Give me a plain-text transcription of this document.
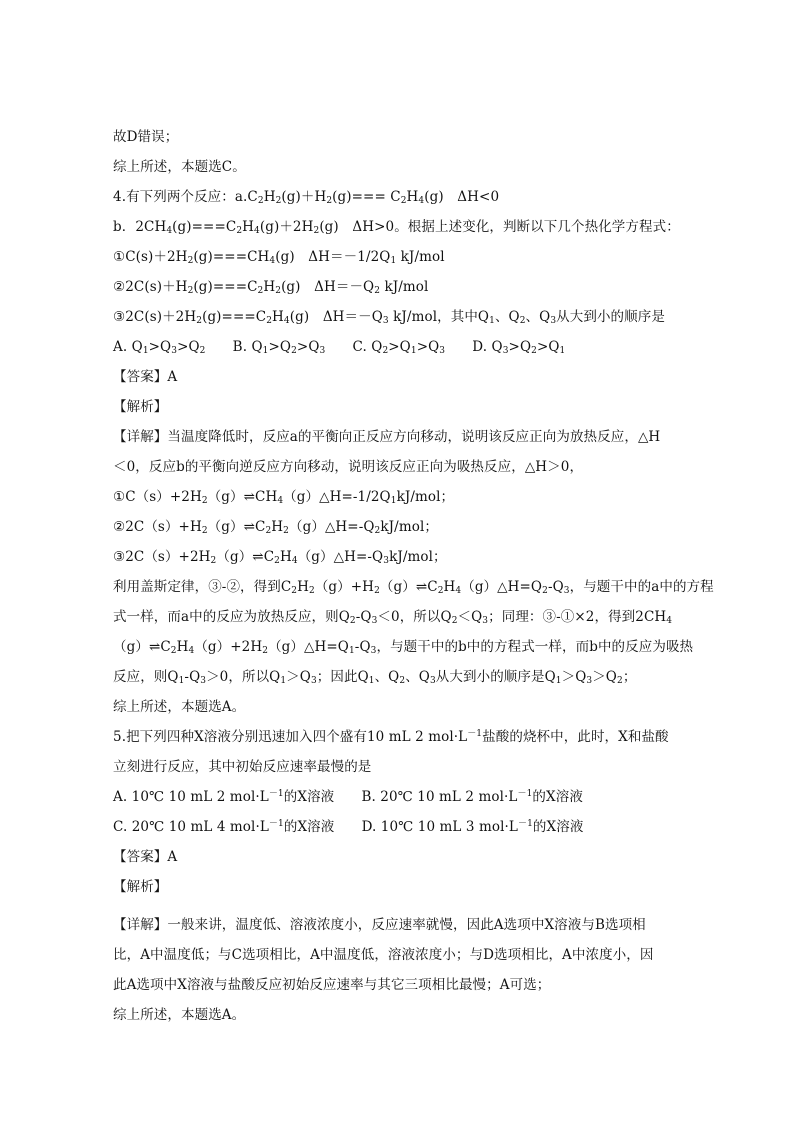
故D错误；
综上所述，本题选C。
4.有下列两个反应：$a.C_2H_2(g)+H_2(g)=== C_2H_4(g)$　ΔH<0
b．$2CH_4(g)===C_2H_4(g)+2H_2(g)$　ΔH>0。根据上述变化，判断以下几个热化学方程式：
$①C(s)+2H_2(g)===CH_4(g)$　$\Delta H=-1/2Q_1$ kJ/mol
$②2C(s)+H_2(g)===C_2H_2(g)$　$\Delta H=-Q_2$ kJ/mol
$③2C(s)+2H_2(g)===C_2H_4(g)$　$\Delta H=-Q_3$ kJ/mol，其中$Q_1$、$Q_2$、$Q_3$从大到小的顺序是
A. $Q_1>Q_3>Q_2$　　B. $Q_1>Q_2>Q_3$　　C. $Q_2>Q_1>Q_3$　　D. $Q_3>Q_2>Q_1$
【答案】A
【解析】
【详解】当温度降低时，反应a的平衡向正反应方向移动，说明该反应正向为放热反应，△H
＜0，反应b的平衡向逆反应方向移动，说明该反应正向为吸热反应，△H＞0，
$①C(s)+2H_2(g)\rightleftharpoons CH_4(g)\triangle H=-1/2Q_1kJ$/mol；
$②2C(s)+H_2(g)\rightleftharpoons C_2H_2(g)\triangle H=-Q_2kJ$/mol；
$③2C(s)+2H_2(g)\rightleftharpoons C_2H_4(g)\triangle H=-Q_3kJ$/mol；
利用盖斯定律，③-②，得到$C_2H_2(g)+H_2(g)\rightleftharpoons C_2H_4(g)\triangle H=Q_2-Q_3$，与题干中的a中的方程
式一样，而a中的反应为放热反应，则$Q_2-Q_3<0$，所以$Q_2<Q_3$；同理：③-①×2，得到$2CH_4$
$(g)\rightleftharpoons C_2H_4(g)+2H_2(g)\triangle H=Q_1-Q_3$，与题干中的b中的方程式一样，而b中的反应为吸热
反应，则$Q_1-Q_3>0$，所以$Q_1>Q_3$；因此$Q_1$、$Q_2$、$Q_3$从大到小的顺序是$Q_1>Q_3>Q_2$；
综上所述，本题选A。
5.把下列四种X溶液分别迅速加入四个盛有10 mL 2 $mol\cdot L^{-1}$盐酸的烧杯中，此时，X和盐酸
立刻进行反应，其中初始反应速率最慢的是
A. 10℃ 10 mL 2 $mol\cdot L^{-1}$的X溶液　　B. 20℃ 10 mL 2 $mol\cdot L^{-1}$的X溶液
C. 20℃ 10 mL 4 $mol\cdot L^{-1}$的X溶液　　D. 10℃ 10 mL 3 $mol\cdot L^{-1}$的X溶液
【答案】A
【解析】
【详解】一般来讲，温度低、溶液浓度小，反应速率就慢，因此A选项中X溶液与B选项相
比，A中温度低；与C选项相比，A中温度低，溶液浓度小；与D选项相比，A中浓度小，因
此A选项中X溶液与盐酸反应初始反应速率与其它三项相比最慢；A可选；
综上所述，本题选A。
